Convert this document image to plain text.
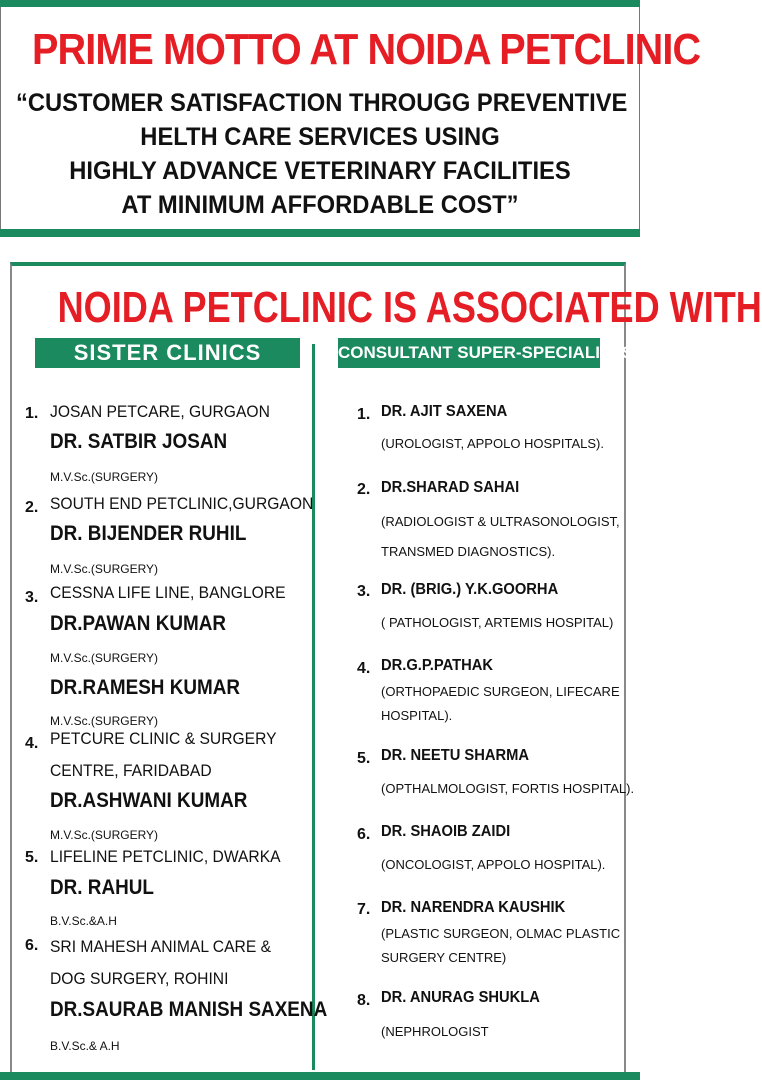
PRIME MOTTO AT NOIDA PETCLINIC
“CUSTOMER SATISFACTION THROUGG PREVENTIVE
HELTH CARE SERVICES USING
HIGHLY ADVANCE VETERINARY FACILITIES
AT MINIMUM AFFORDABLE COST”
NOIDA PETCLINIC IS ASSOCIATED WITH
SISTER CLINICS	CONSULTANT SUPER-SPECIALISTS
1. JOSAN PETCARE, GURGAON
DR. SATBIR JOSAN
M.V.Sc.(SURGERY)
2. SOUTH END PETCLINIC,GURGAON
DR. BIJENDER RUHIL
M.V.Sc.(SURGERY)
3. CESSNA LIFE LINE, BANGLORE
DR.PAWAN KUMAR
M.V.Sc.(SURGERY)
DR.RAMESH KUMAR
M.V.Sc.(SURGERY)
4. PETCURE CLINIC & SURGERY
CENTRE, FARIDABAD
DR.ASHWANI KUMAR
M.V.Sc.(SURGERY)
5. LIFELINE PETCLINIC, DWARKA
DR. RAHUL
B.V.Sc.&A.H
6. SRI MAHESH ANIMAL CARE &
DOG SURGERY, ROHINI
DR.SAURAB MANISH SAXENA
B.V.Sc.& A.H
1. DR. AJIT SAXENA
(UROLOGIST, APPOLO HOSPITALS).
2. DR.SHARAD SAHAI
(RADIOLOGIST & ULTRASONOLOGIST,
TRANSMED DIAGNOSTICS).
3. DR. (BRIG.) Y.K.GOORHA
( PATHOLOGIST, ARTEMIS HOSPITAL)
4. DR.G.P.PATHAK
(ORTHOPAEDIC SURGEON, LIFECARE
HOSPITAL).
5. DR. NEETU SHARMA
(OPTHALMOLOGIST, FORTIS HOSPITAL).
6. DR. SHAOIB ZAIDI
(ONCOLOGIST, APPOLO HOSPITAL).
7. DR. NARENDRA KAUSHIK
(PLASTIC SURGEON, OLMAC PLASTIC
SURGERY CENTRE)
8. DR. ANURAG SHUKLA
(NEPHROLOGIST
